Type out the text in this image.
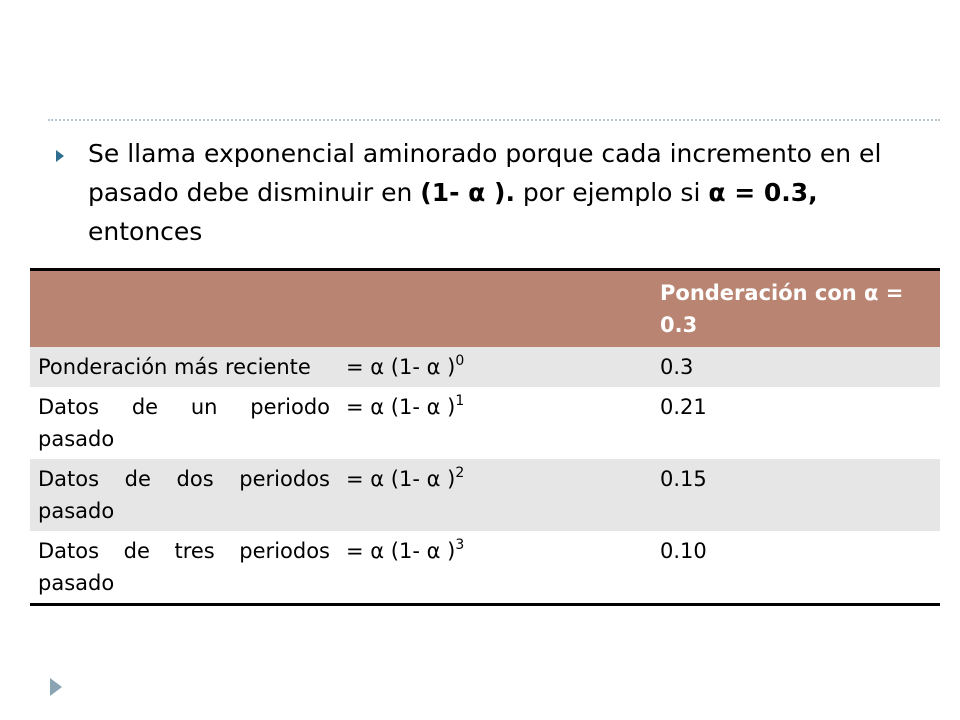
Se llama exponencial aminorado porque cada incremento en el pasado debe disminuir en (1- α ). por ejemplo si α = 0.3, entonces
		Ponderación con α = 0.3
Ponderación más reciente	= α (1- α )$^0$	0.3
Datos de un periodo pasado	= α (1- α )$^1$	0.21
Datos de dos periodos pasado	= α (1- α )$^2$	0.15
Datos de tres periodos pasado	= α (1- α )$^3$	0.10
